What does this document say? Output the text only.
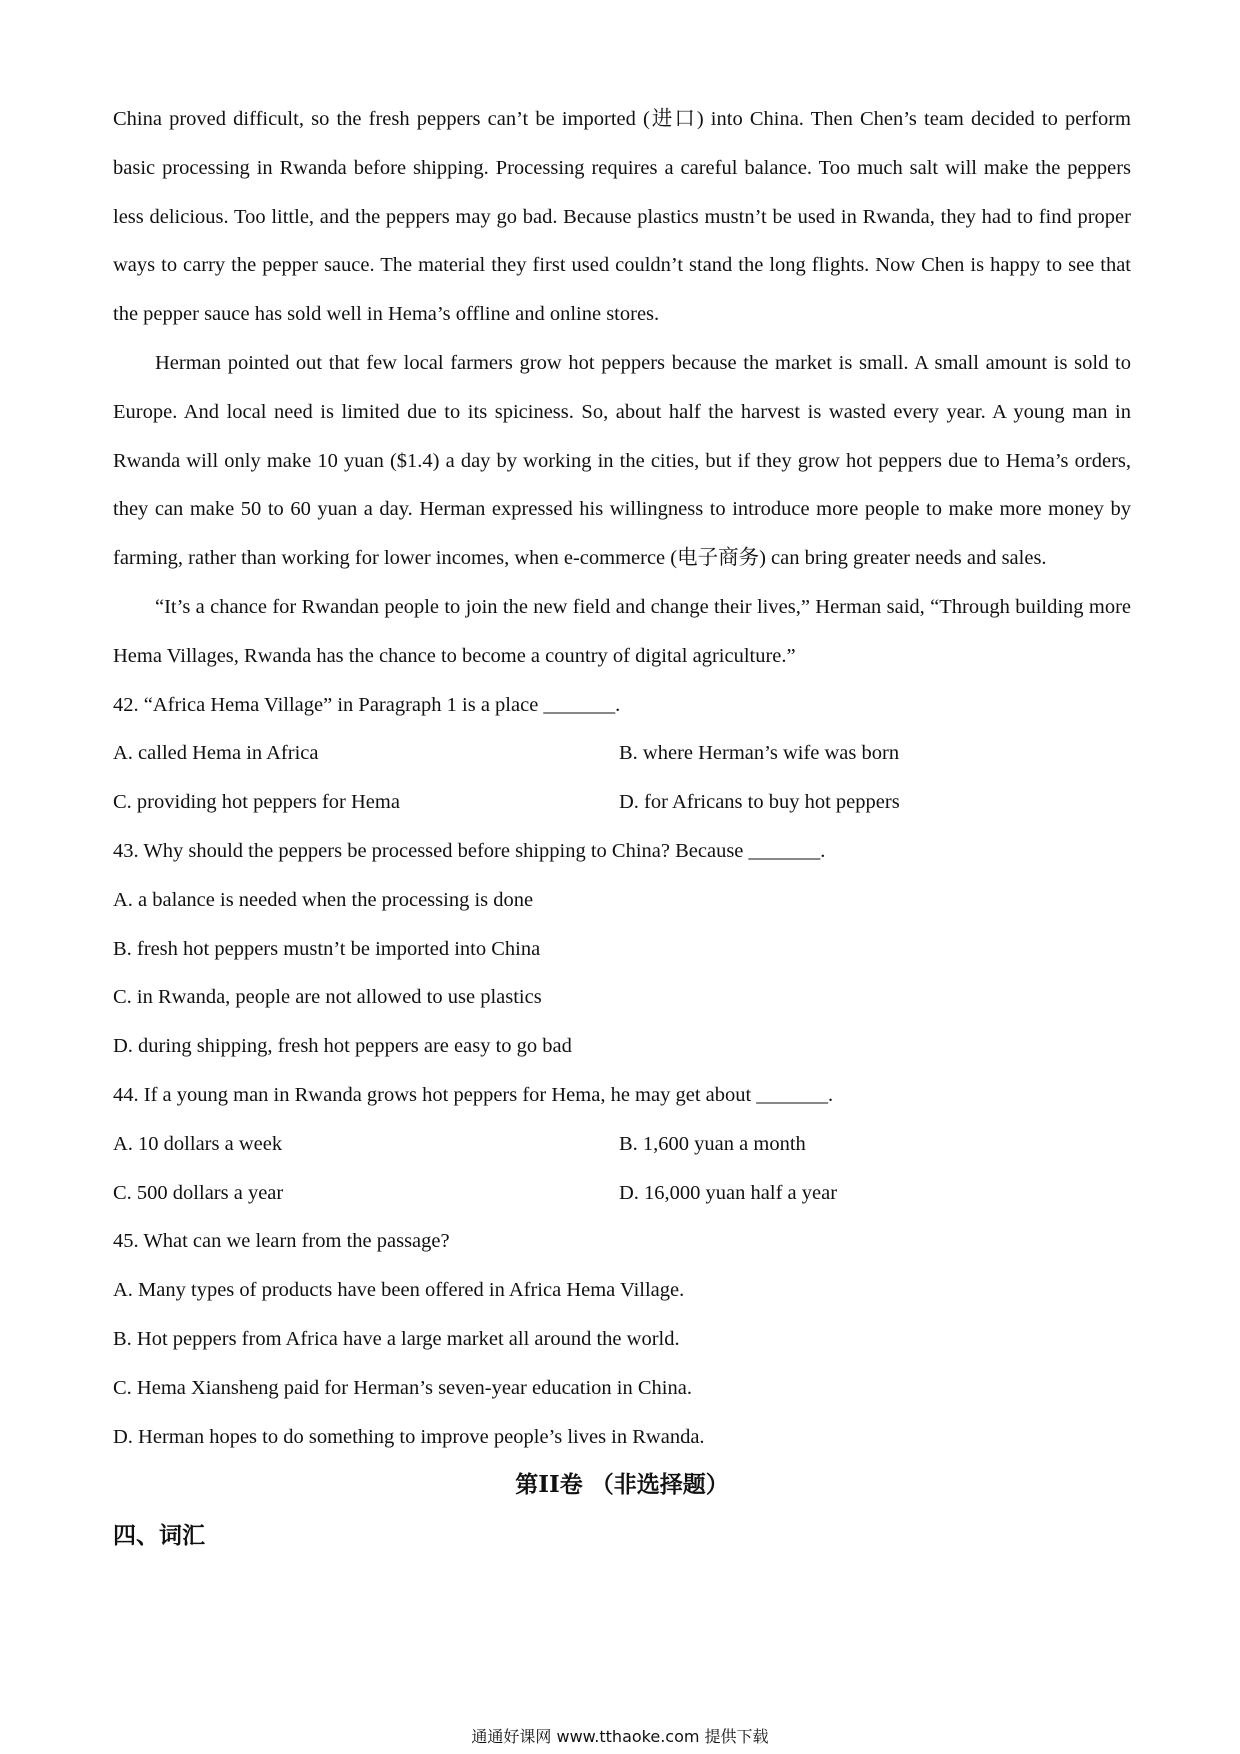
China proved difficult, so the fresh peppers can’t be imported (进口) into China. Then Chen’s team decided to perform basic processing in Rwanda before shipping. Processing requires a careful balance. Too much salt will make the peppers less delicious. Too little, and the peppers may go bad. Because plastics mustn’t be used in Rwanda, they had to find proper ways to carry the pepper sauce. The material they first used couldn’t stand the long flights. Now Chen is happy to see that the pepper sauce has sold well in Hema’s offline and online stores.

Herman pointed out that few local farmers grow hot peppers because the market is small. A small amount is sold to Europe. And local need is limited due to its spiciness. So, about half the harvest is wasted every year. A young man in Rwanda will only make 10 yuan ($1.4) a day by working in the cities, but if they grow hot peppers due to Hema’s orders, they can make 50 to 60 yuan a day. Herman expressed his willingness to introduce more people to make more money by farming, rather than working for lower incomes, when e-commerce (电子商务) can bring greater needs and sales.

“It’s a chance for Rwandan people to join the new field and change their lives,” Herman said, “Through building more Hema Villages, Rwanda has the chance to become a country of digital agriculture.”

42. “Africa Hema Village” in Paragraph 1 is a place _______.

A. called Hema in Africa	B. where Herman’s wife was born
C. providing hot peppers for Hema	D. for Africans to buy hot peppers

43. Why should the peppers be processed before shipping to China? Because _______.

A. a balance is needed when the processing is done

B. fresh hot peppers mustn’t be imported into China

C. in Rwanda, people are not allowed to use plastics

D. during shipping, fresh hot peppers are easy to go bad

44. If a young man in Rwanda grows hot peppers for Hema, he may get about _______.

A. 10 dollars a week	B. 1,600 yuan a month
C. 500 dollars a year	D. 16,000 yuan half a year

45. What can we learn from the passage?

A. Many types of products have been offered in Africa Hema Village.

B. Hot peppers from Africa have a large market all around the world.

C. Hema Xiansheng paid for Herman’s seven-year education in China.

D. Herman hopes to do something to improve people’s lives in Rwanda.

第II卷 （非选择题）
四、词汇
通通好课网 www.tthaoke.com 提供下载
